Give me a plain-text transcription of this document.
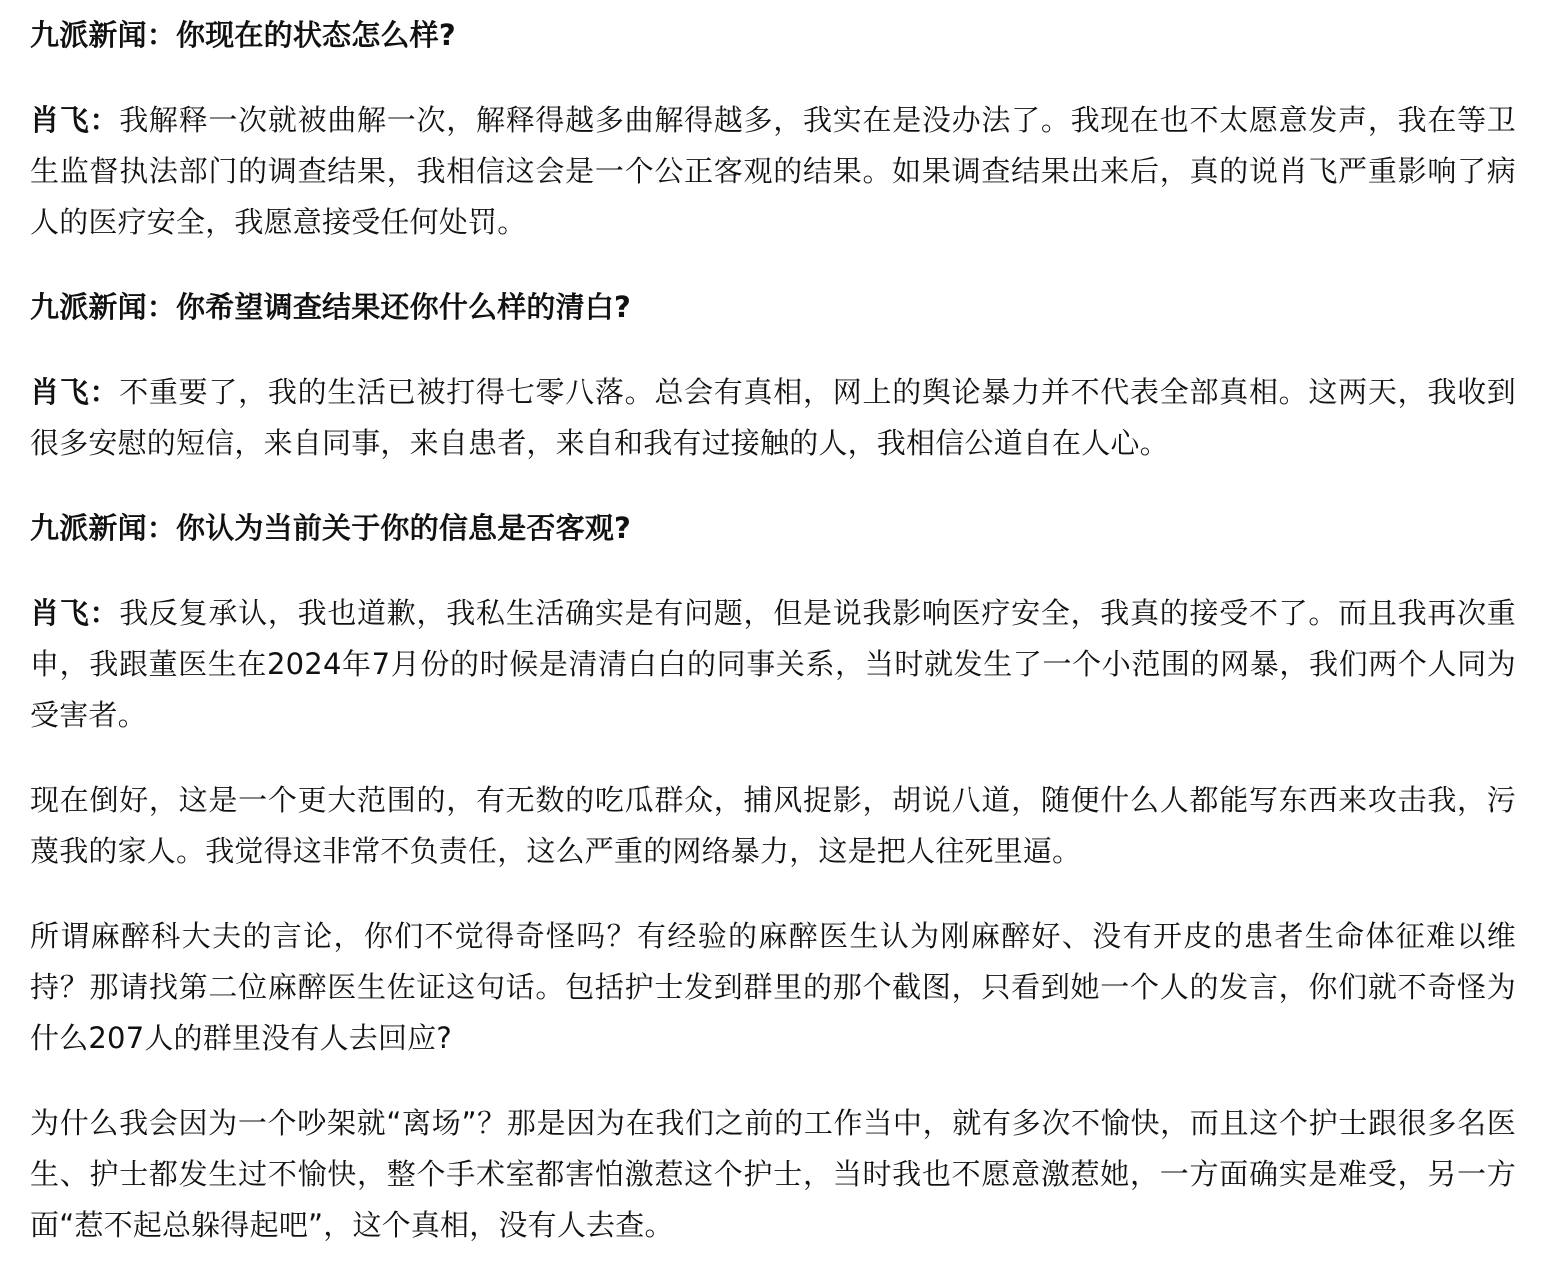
九派新闻：你现在的状态怎么样?

肖飞：我解释一次就被曲解一次，解释得越多曲解得越多，我实在是没办法了。我现在也不太愿意发声，我在等卫生监督执法部门的调查结果，我相信这会是一个公正客观的结果。如果调查结果出来后，真的说肖飞严重影响了病人的医疗安全，我愿意接受任何处罚。

九派新闻：你希望调查结果还你什么样的清白?

肖飞：不重要了，我的生活已被打得七零八落。总会有真相，网上的舆论暴力并不代表全部真相。这两天，我收到很多安慰的短信，来自同事，来自患者，来自和我有过接触的人，我相信公道自在人心。

九派新闻：你认为当前关于你的信息是否客观?

肖飞：我反复承认，我也道歉，我私生活确实是有问题，但是说我影响医疗安全，我真的接受不了。而且我再次重申，我跟董医生在2024年7月份的时候是清清白白的同事关系，当时就发生了一个小范围的网暴，我们两个人同为受害者。

现在倒好，这是一个更大范围的，有无数的吃瓜群众，捕风捉影，胡说八道，随便什么人都能写东西来攻击我，污蔑我的家人。我觉得这非常不负责任，这么严重的网络暴力，这是把人往死里逼。

所谓麻醉科大夫的言论，你们不觉得奇怪吗？有经验的麻醉医生认为刚麻醉好、没有开皮的患者生命体征难以维持？那请找第二位麻醉医生佐证这句话。包括护士发到群里的那个截图，只看到她一个人的发言，你们就不奇怪为什么207人的群里没有人去回应?

为什么我会因为一个吵架就“离场”？那是因为在我们之前的工作当中，就有多次不愉快，而且这个护士跟很多名医生、护士都发生过不愉快，整个手术室都害怕激惹这个护士，当时我也不愿意激惹她，一方面确实是难受，另一方面“惹不起总躲得起吧”，这个真相，没有人去查。
